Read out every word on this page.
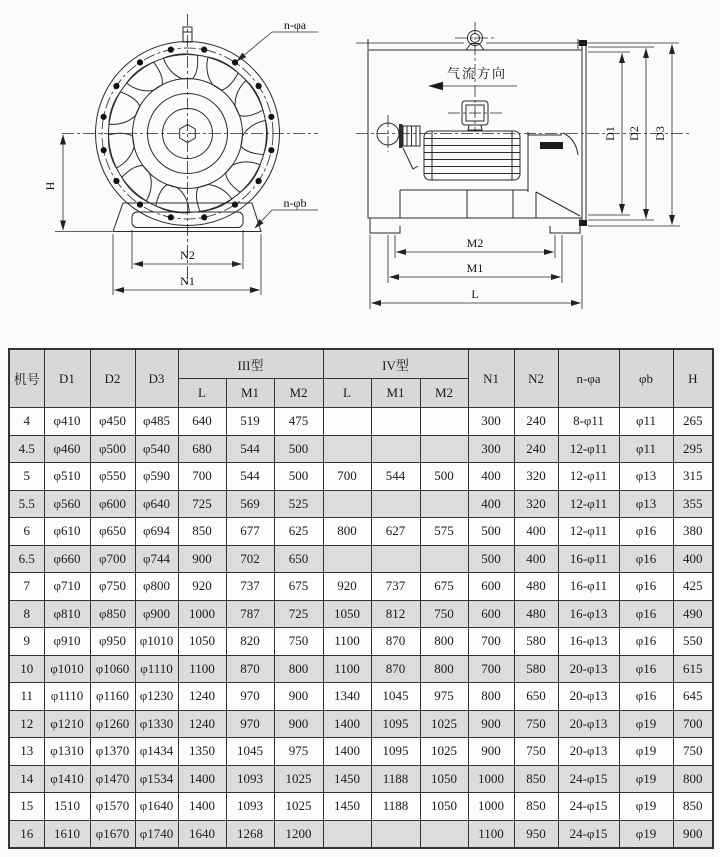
H
N2
N1
n-φa
n-φb
气流方向
D1 D2 D3
M2
M1
L
机号	D1	D2	D3	III型			IV型			N1	N2	n-φa	φb	H
				L	M1	M2	L	M1	M2					
4	φ410	φ450	φ485	640	519	475				300	240	8-φ11	φ11	265
4.5	φ460	φ500	φ540	680	544	500				300	240	12-φ11	φ11	295
5	φ510	φ550	φ590	700	544	500	700	544	500	400	320	12-φ11	φ13	315
5.5	φ560	φ600	φ640	725	569	525				400	320	12-φ11	φ13	355
6	φ610	φ650	φ694	850	677	625	800	627	575	500	400	12-φ11	φ16	380
6.5	φ660	φ700	φ744	900	702	650				500	400	16-φ11	φ16	400
7	φ710	φ750	φ800	920	737	675	920	737	675	600	480	16-φ11	φ16	425
8	φ810	φ850	φ900	1000	787	725	1050	812	750	600	480	16-φ13	φ16	490
9	φ910	φ950	φ1010	1050	820	750	1100	870	800	700	580	16-φ13	φ16	550
10	φ1010	φ1060	φ1110	1100	870	800	1100	870	800	700	580	20-φ13	φ16	615
11	φ1110	φ1160	φ1230	1240	970	900	1340	1045	975	800	650	20-φ13	φ16	645
12	φ1210	φ1260	φ1330	1240	970	900	1400	1095	1025	900	750	20-φ13	φ19	700
13	φ1310	φ1370	φ1434	1350	1045	975	1400	1095	1025	900	750	20-φ13	φ19	750
14	φ1410	φ1470	φ1534	1400	1093	1025	1450	1188	1050	1000	850	24-φ15	φ19	800
15	1510	φ1570	φ1640	1400	1093	1025	1450	1188	1050	1000	850	24-φ15	φ19	850
16	1610	φ1670	φ1740	1640	1268	1200				1100	950	24-φ15	φ19	900
